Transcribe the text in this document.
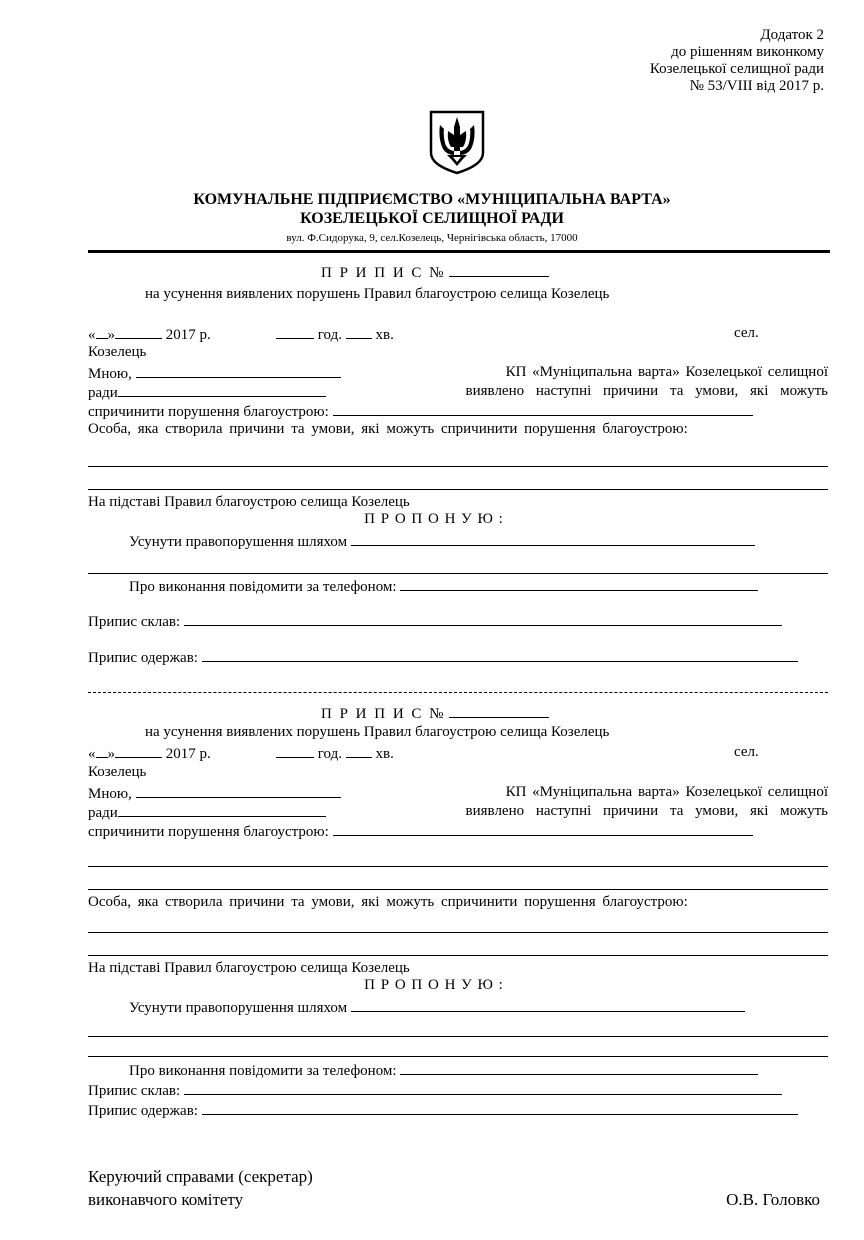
Додаток 2
до рішенням виконкому
Козелецької селищної ради
№ 53/VIII від 2017 р.
КОМУНАЛЬНЕ ПІДПРИЄМСТВО «МУНІЦИПАЛЬНА ВАРТА»
КОЗЕЛЕЦЬКОЇ СЕЛИЩНОЇ РАДИ
вул. Ф.Сидорука, 9, сел.Козелець, Чернігівська область, 17000
П Р И П И С №
на усунення виявлених порушень Правил благоустрою селища Козелець
« »	2017 р.	год. хв.	сел.
Козелець
Мною,	КП «Муніципальна варта» Козелецької селищної
ради	виявлено наступні причини та умови, які можуть
спричинити порушення благоустрою:
Особа, яка створила причини та умови, які можуть спричинити порушення благоустрою:
На підставі Правил благоустрою селища Козелець
П Р О П О Н У Ю :
Усунути правопорушення шляхом
Про виконання повідомити за телефоном:
Припис склав:
Припис одержав:
П Р И П И С №
на усунення виявлених порушень Правил благоустрою селища Козелець
« »	2017 р.	год. хв.	сел.
Козелець
Мною,	КП «Муніципальна варта» Козелецької селищної
ради	виявлено наступні причини та умови, які можуть
спричинити порушення благоустрою:
Особа, яка створила причини та умови, які можуть спричинити порушення благоустрою:
На підставі Правил благоустрою селища Козелець
П Р О П О Н У Ю :
Усунути правопорушення шляхом
Про виконання повідомити за телефоном:
Припис склав:
Припис одержав:
Керуючий справами (секретар)
виконавчого комітету	О.В. Головко
